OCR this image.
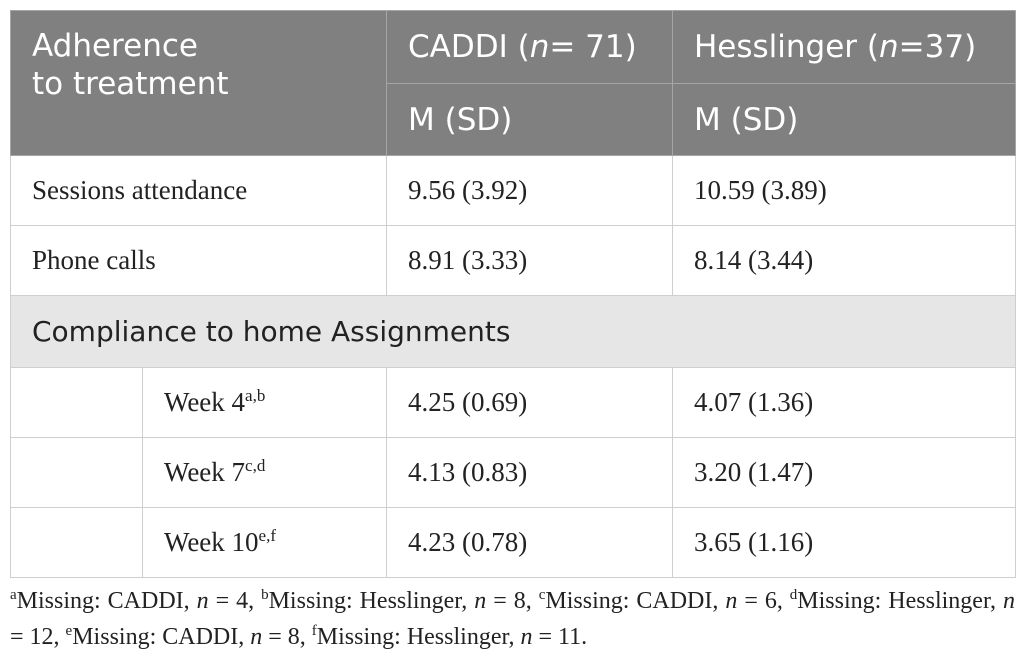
Adherence
to treatment		CADDI (n= 71)	Hesslinger (n=37)
		M (SD)	M (SD)
Sessions attendance		9.56 (3.92)	10.59 (3.89)
Phone calls		8.91 (3.33)	8.14 (3.44)
Compliance to home Assignments			
	Week 4$^{a,b}$	4.25 (0.69)	4.07 (1.36)
	Week 7$^{c,d}$	4.13 (0.83)	3.20 (1.47)
	Week 10$^{e,f}$	4.23 (0.78)	3.65 (1.16)
$^a$Missing: CADDI, n = 4, $^b$Missing: Hesslinger, n = 8, $^c$Missing: CADDI, n = 6, $^d$Missing: Hesslinger, n = 12, $^e$Missing: CADDI, n = 8, $^f$Missing: Hesslinger, n = 11.
